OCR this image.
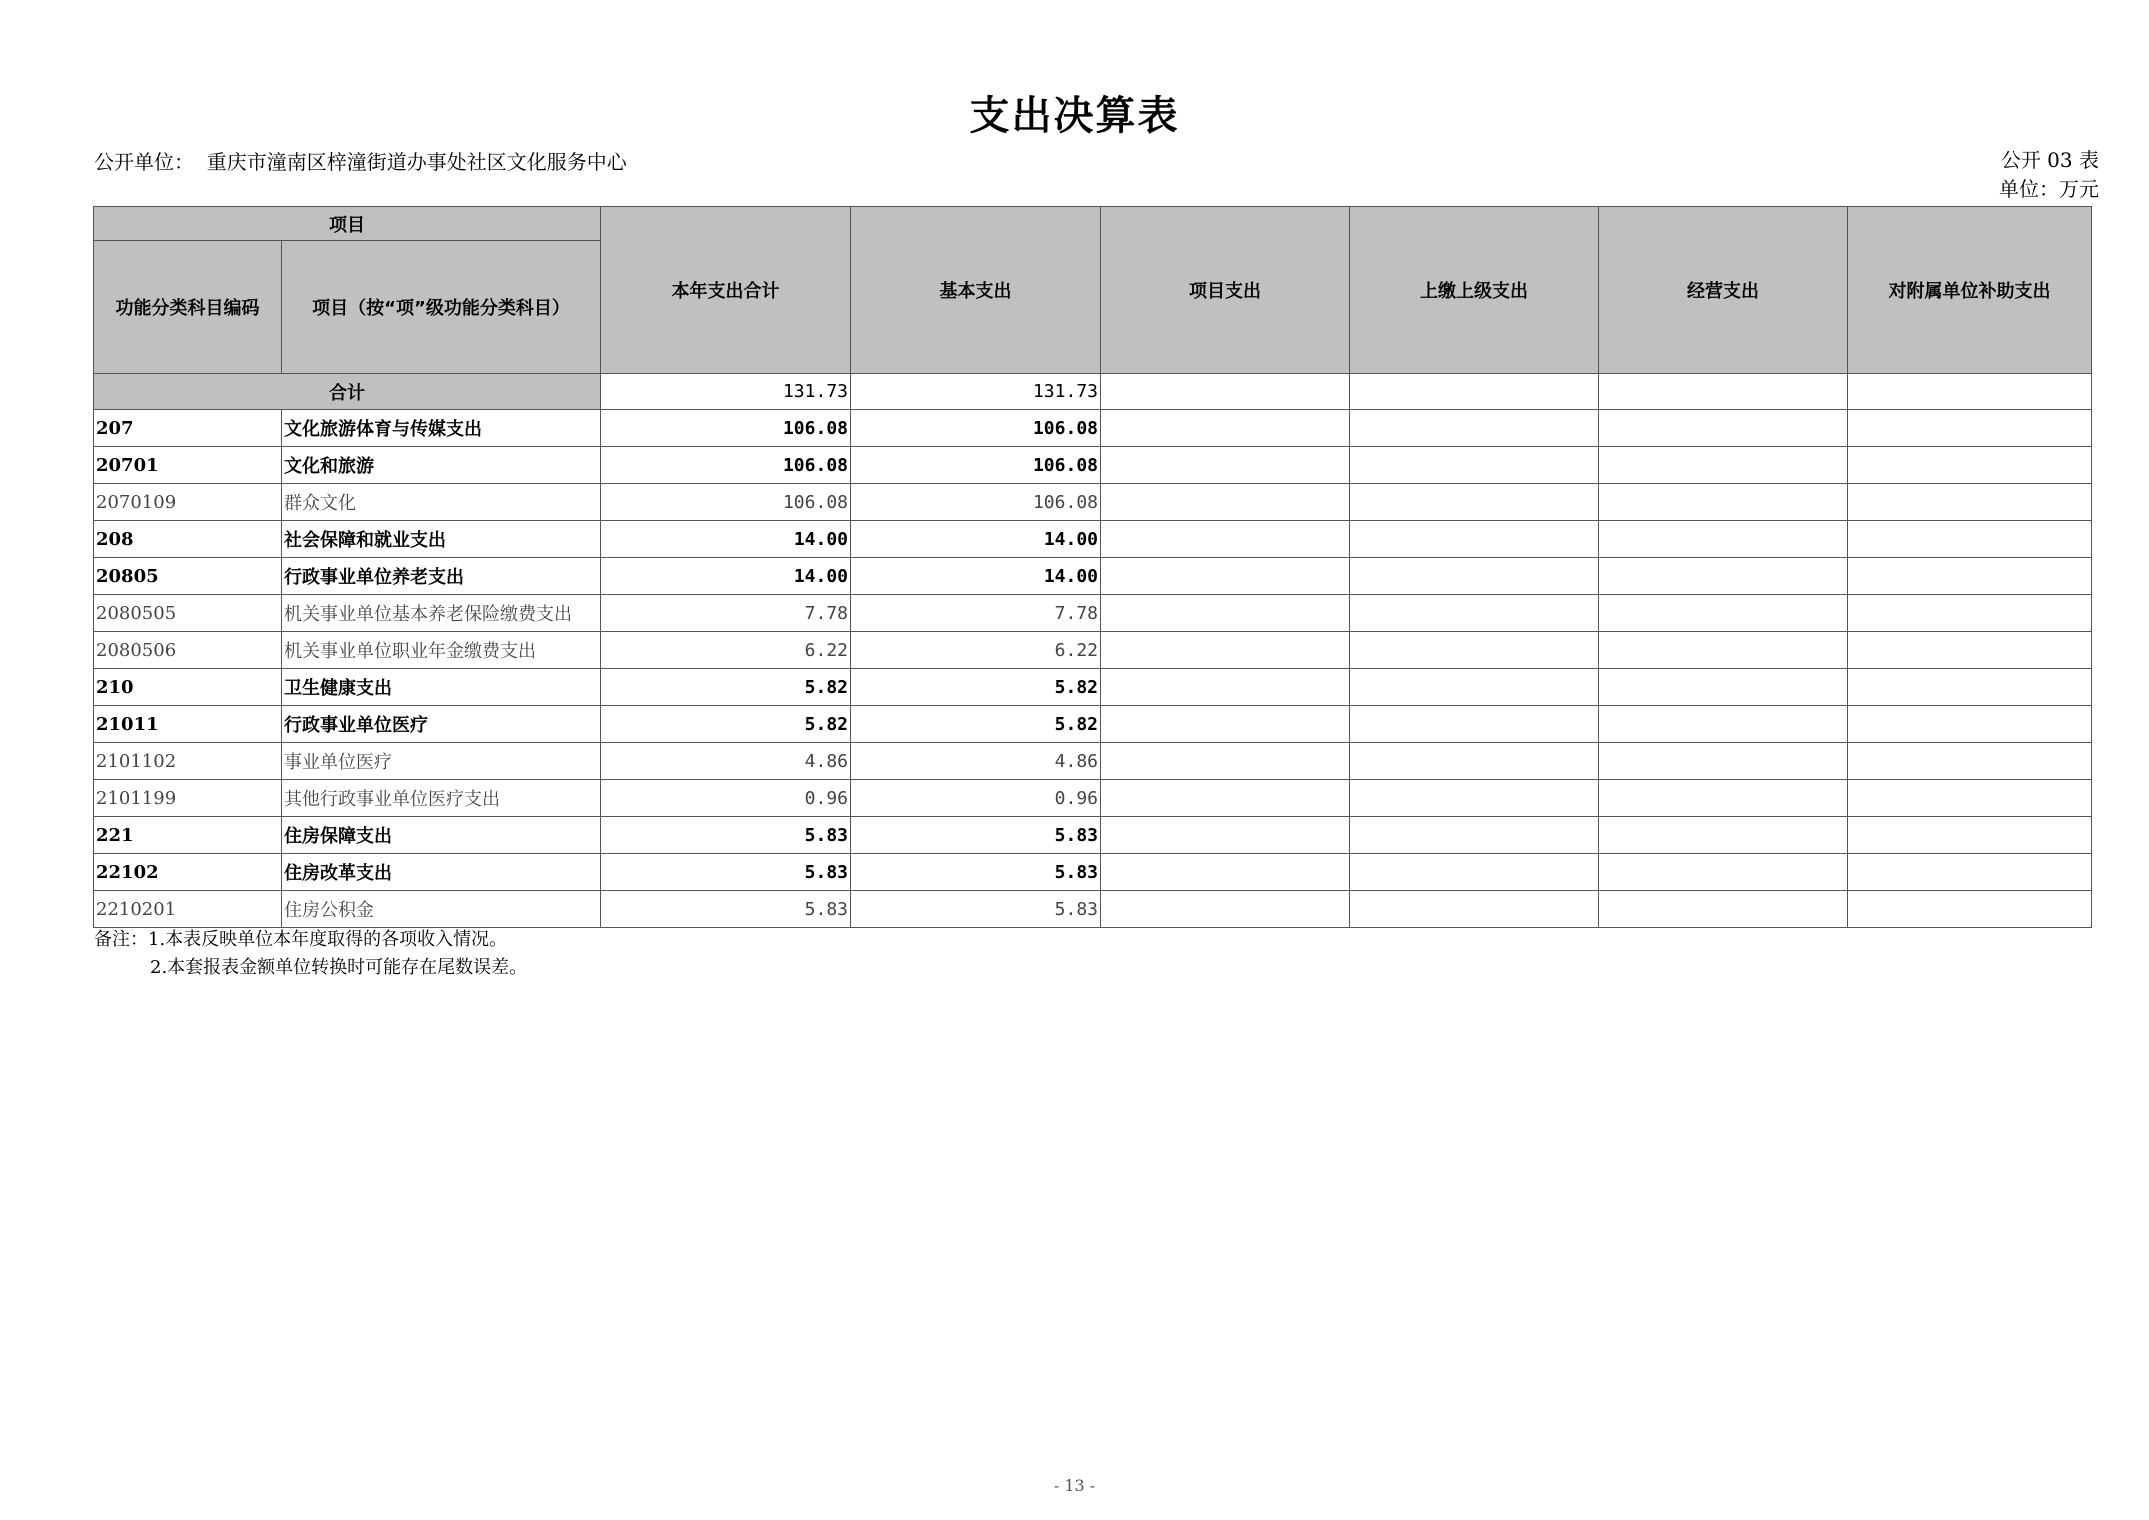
支出决算表
公开单位： 重庆市潼南区梓潼街道办事处社区文化服务中心	公开 03 表
单位：万元
项目		本年支出合计	基本支出	项目支出	上缴上级支出	经营支出	对附属单位补助支出
功能分类科目编码	项目（按“项”级功能分类科目）						
合计		131.73	131.73				
207	文化旅游体育与传媒支出	106.08	106.08				
20701	文化和旅游	106.08	106.08				
2070109	群众文化	106.08	106.08				
208	社会保障和就业支出	14.00	14.00				
20805	行政事业单位养老支出	14.00	14.00				
2080505	机关事业单位基本养老保险缴费支出	7.78	7.78				
2080506	机关事业单位职业年金缴费支出	6.22	6.22				
210	卫生健康支出	5.82	5.82				
21011	行政事业单位医疗	5.82	5.82				
2101102	事业单位医疗	4.86	4.86				
2101199	其他行政事业单位医疗支出	0.96	0.96				
221	住房保障支出	5.83	5.83				
22102	住房改革支出	5.83	5.83				
2210201	住房公积金	5.83	5.83				
备注：1.本表反映单位本年度取得的各项收入情况。
2.本套报表金额单位转换时可能存在尾数误差。
- 13 -
